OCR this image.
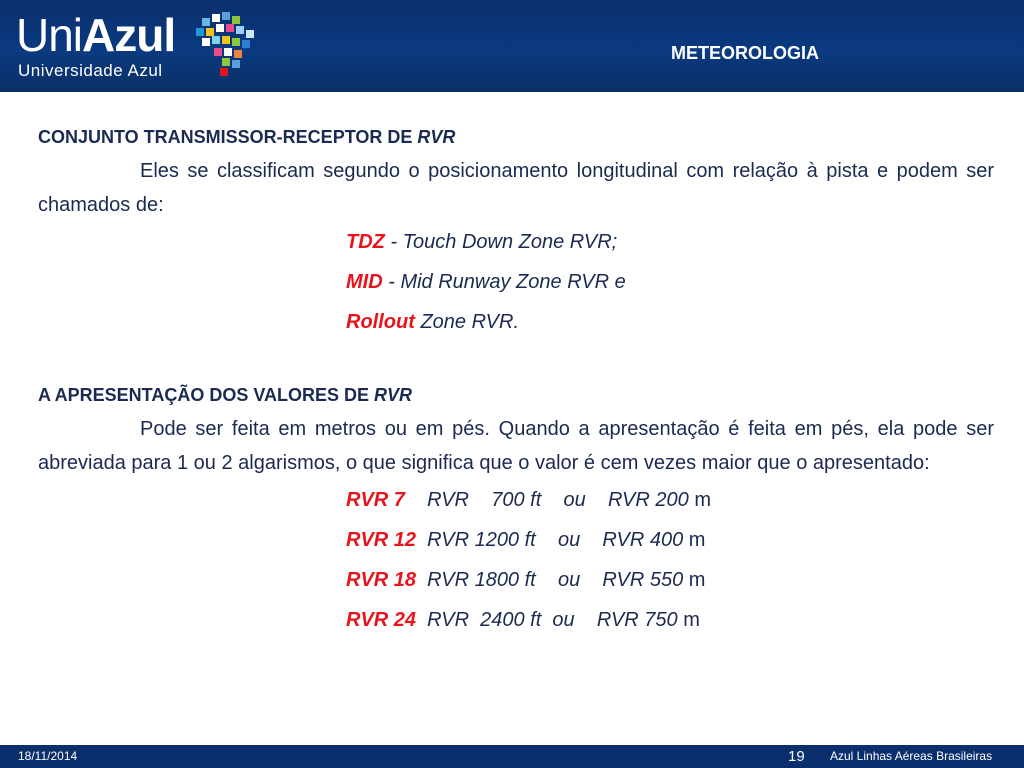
UniAzul
Universidade Azul
METEOROLOGIA
CONJUNTO TRANSMISSOR-RECEPTOR DE RVR

Eles se classificam segundo o posicionamento longitudinal com relação à pista e podem ser chamados de:

TDZ - Touch Down Zone RVR;
MID - Mid Runway Zone RVR e
Rollout Zone RVR.
A APRESENTAÇÃO DOS VALORES DE RVR

Pode ser feita em metros ou em pés. Quando a apresentação é feita em pés, ela pode ser abreviada para 1 ou 2 algarismos, o que significa que o valor é cem vezes maior que o apresentado:

RVR 7    RVR    700 ft    ou    RVR 200 m
RVR 12  RVR 1200 ft    ou    RVR 400 m
RVR 18  RVR 1800 ft    ou    RVR 550 m
RVR 24  RVR  2400 ft  ou    RVR 750 m
18/11/2014	19 Azul Linhas Aéreas Brasileiras
